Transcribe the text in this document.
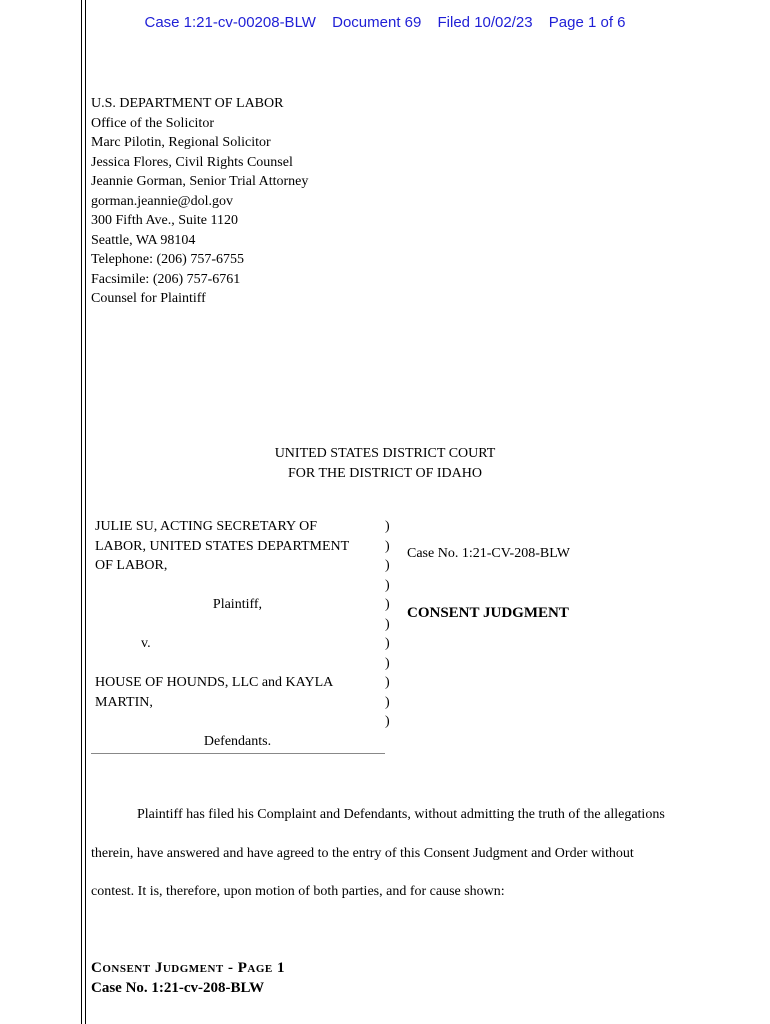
Case 1:21-cv-00208-BLW Document 69 Filed 10/02/23 Page 1 of 6
U.S. DEPARTMENT OF LABOR
Office of the Solicitor
Marc Pilotin, Regional Solicitor
Jessica Flores, Civil Rights Counsel
Jeannie Gorman, Senior Trial Attorney
gorman.jeannie@dol.gov
300 Fifth Ave., Suite 1120
Seattle, WA 98104
Telephone: (206) 757-6755
Facsimile: (206) 757-6761
Counsel for Plaintiff
UNITED STATES DISTRICT COURT
FOR THE DISTRICT OF IDAHO
JULIE SU, ACTING SECRETARY OF
LABOR, UNITED STATES DEPARTMENT
OF LABOR,

Plaintiff,

v.

HOUSE OF HOUNDS, LLC and KAYLA
MARTIN,

Defendants.
)
)
)
)
)
)
)
)
)
)
)
Case No. 1:21-CV-208-BLW
CONSENT JUDGMENT

Plaintiff has filed his Complaint and Defendants, without admitting the truth of the allegations therein, have answered and have agreed to the entry of this Consent Judgment and Order without contest. It is, therefore, upon motion of both parties, and for cause shown:

Consent Judgment - Page 1
Case No. 1:21-cv-208-BLW
